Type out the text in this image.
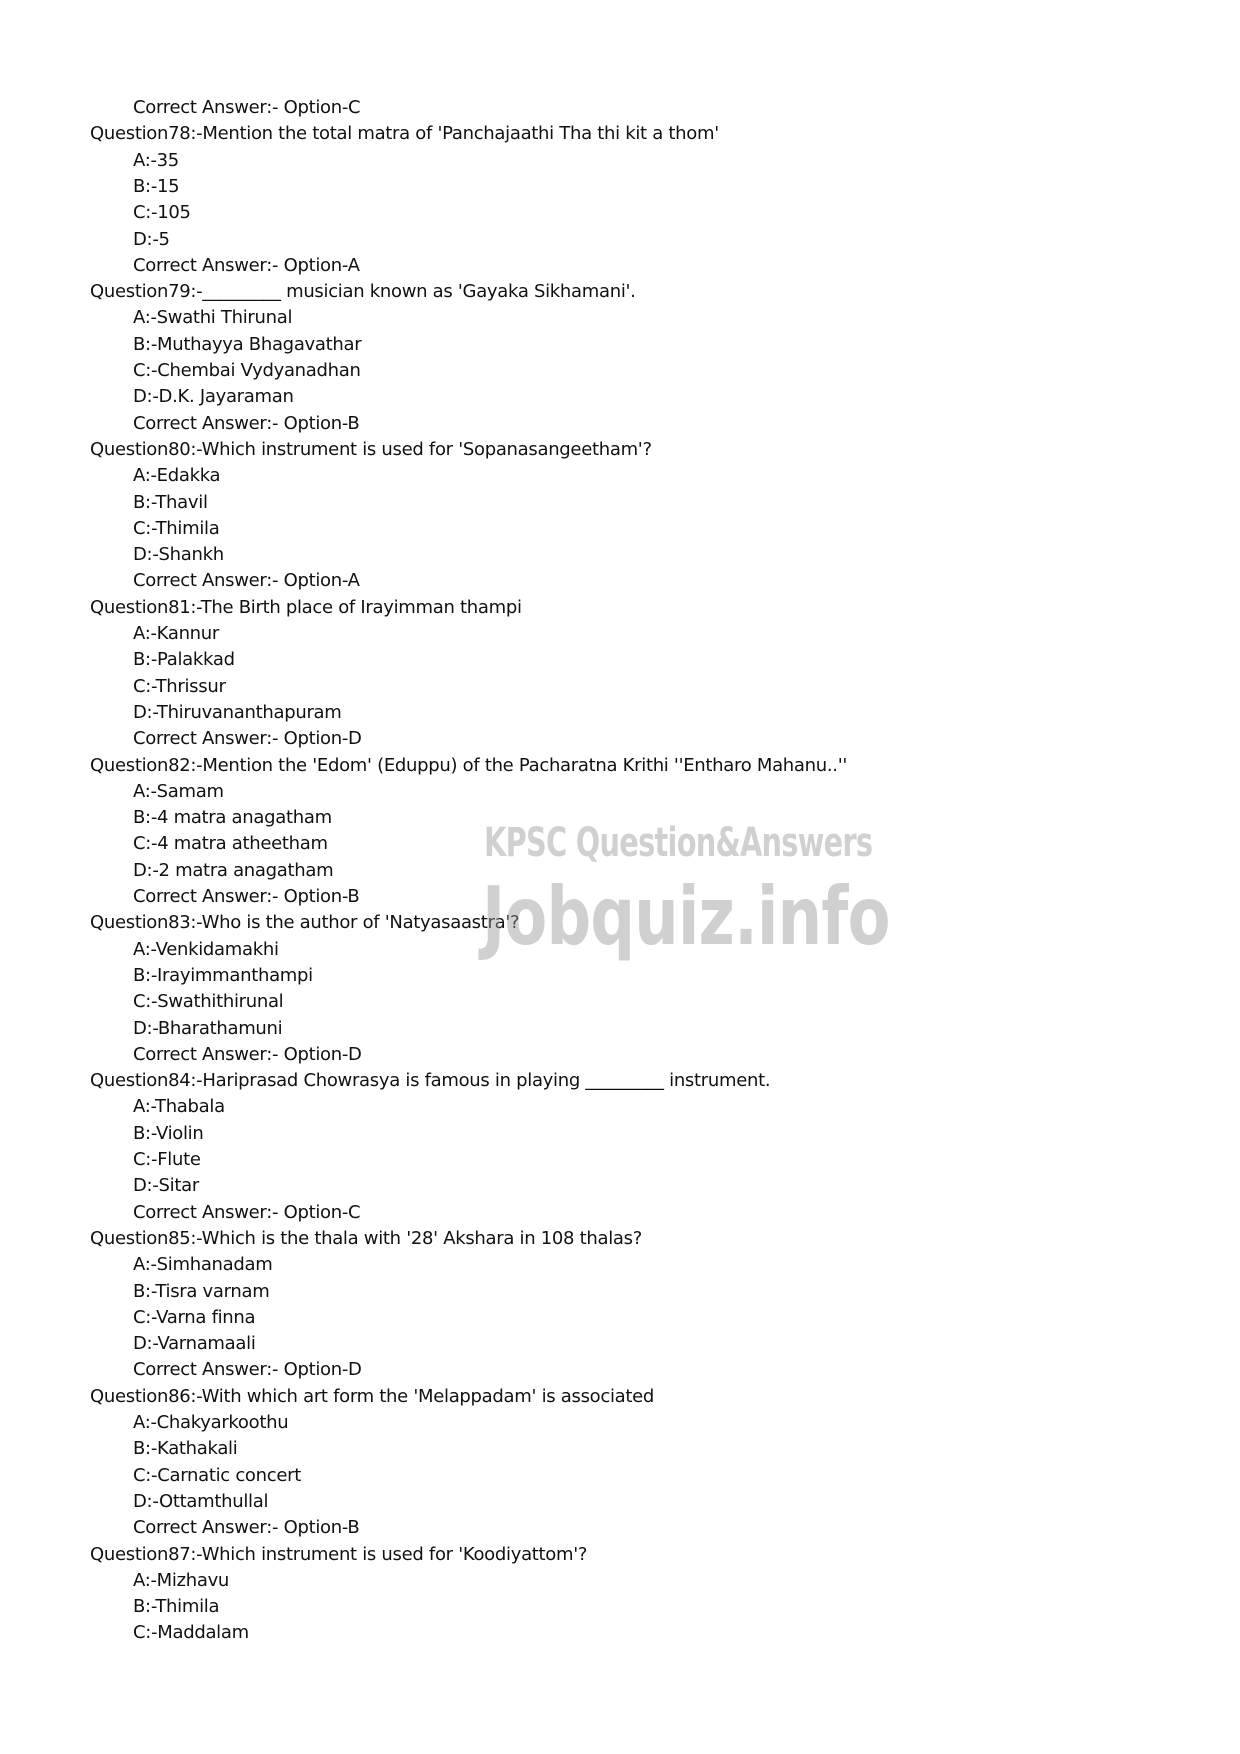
Correct Answer:- Option-C
Question78:-Mention the total matra of 'Panchajaathi Tha thi kit a thom'
A:-35
B:-15
C:-105
D:-5
Correct Answer:- Option-A
Question79:-_________ musician known as 'Gayaka Sikhamani'.
A:-Swathi Thirunal
B:-Muthayya Bhagavathar
C:-Chembai Vydyanadhan
D:-D.K. Jayaraman
Correct Answer:- Option-B
Question80:-Which instrument is used for 'Sopanasangeetham'?
A:-Edakka
B:-Thavil
C:-Thimila
D:-Shankh
Correct Answer:- Option-A
Question81:-The Birth place of Irayimman thampi
A:-Kannur
B:-Palakkad
C:-Thrissur
D:-Thiruvananthapuram
Correct Answer:- Option-D
Question82:-Mention the 'Edom' (Eduppu) of the Pacharatna Krithi ''Entharo Mahanu..''
A:-Samam
B:-4 matra anagatham
C:-4 matra atheetham
D:-2 matra anagatham
Correct Answer:- Option-B
Question83:-Who is the author of 'Natyasaastra'?
A:-Venkidamakhi
B:-Irayimmanthampi
C:-Swathithirunal
D:-Bharathamuni
Correct Answer:- Option-D
Question84:-Hariprasad Chowrasya is famous in playing _________ instrument.
A:-Thabala
B:-Violin
C:-Flute
D:-Sitar
Correct Answer:- Option-C
Question85:-Which is the thala with '28' Akshara in 108 thalas?
A:-Simhanadam
B:-Tisra varnam
C:-Varna finna
D:-Varnamaali
Correct Answer:- Option-D
Question86:-With which art form the 'Melappadam' is associated
A:-Chakyarkoothu
B:-Kathakali
C:-Carnatic concert
D:-Ottamthullal
Correct Answer:- Option-B
Question87:-Which instrument is used for 'Koodiyattom'?
A:-Mizhavu
B:-Thimila
C:-Maddalam
KPSC Question&Answers
Jobquiz.info
